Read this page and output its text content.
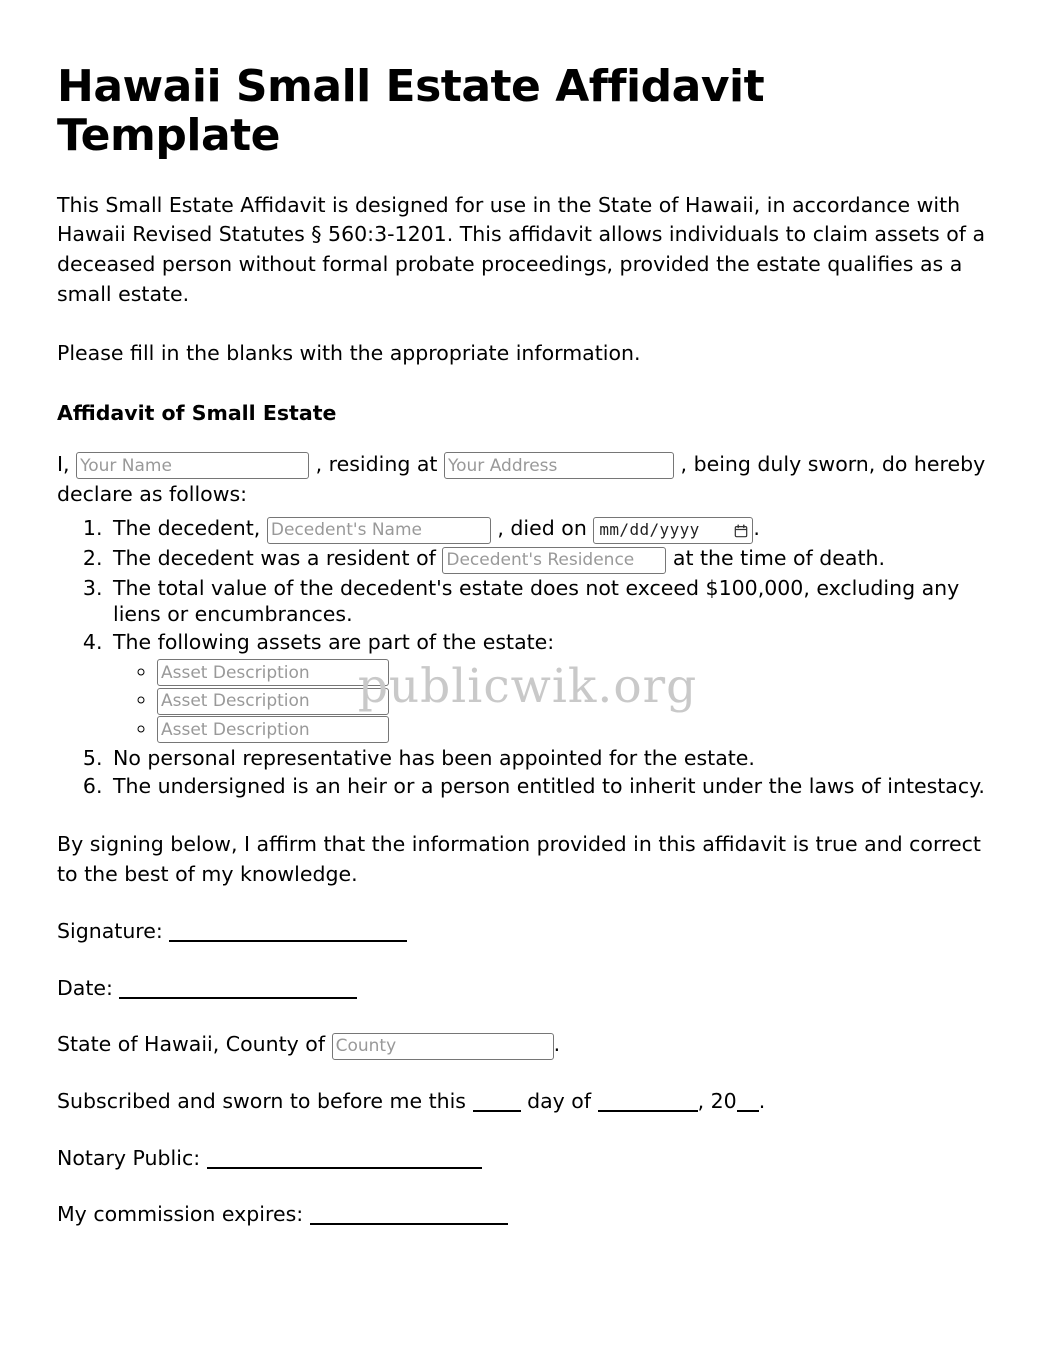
Hawaii Small Estate Affidavit Template

This Small Estate Affidavit is designed for use in the State of Hawaii, in accordance with Hawaii Revised Statutes § 560:3-1201. This affidavit allows individuals to claim assets of a deceased person without formal probate proceedings, provided the estate qualifies as a small estate.

Please fill in the blanks with the appropriate information.

Affidavit of Small Estate

I, Your Name	, residing at Your Address	, being duly sworn, do hereby declare as follows:

1. The decedent, Decedent's Name	, died on mm/dd/yyyy	.
2. The decedent was a resident of Decedent's Residence	at the time of death.
3. The total value of the decedent's estate does not exceed $100,000, excluding any liens or encumbrances.
4. The following assets are part of the estate:
◦ Asset Description
◦ Asset Description
◦ Asset Description
5. No personal representative has been appointed for the estate.
6. The undersigned is an heir or a person entitled to inherit under the laws of intestacy.

By signing below, I affirm that the information provided in this affidavit is true and correct to the best of my knowledge.

Signature:

Date:

State of Hawaii, County of County	.

Subscribed and sworn to before me this	day of	, 20 .

Notary Public:

My commission expires:

publicwik.org
